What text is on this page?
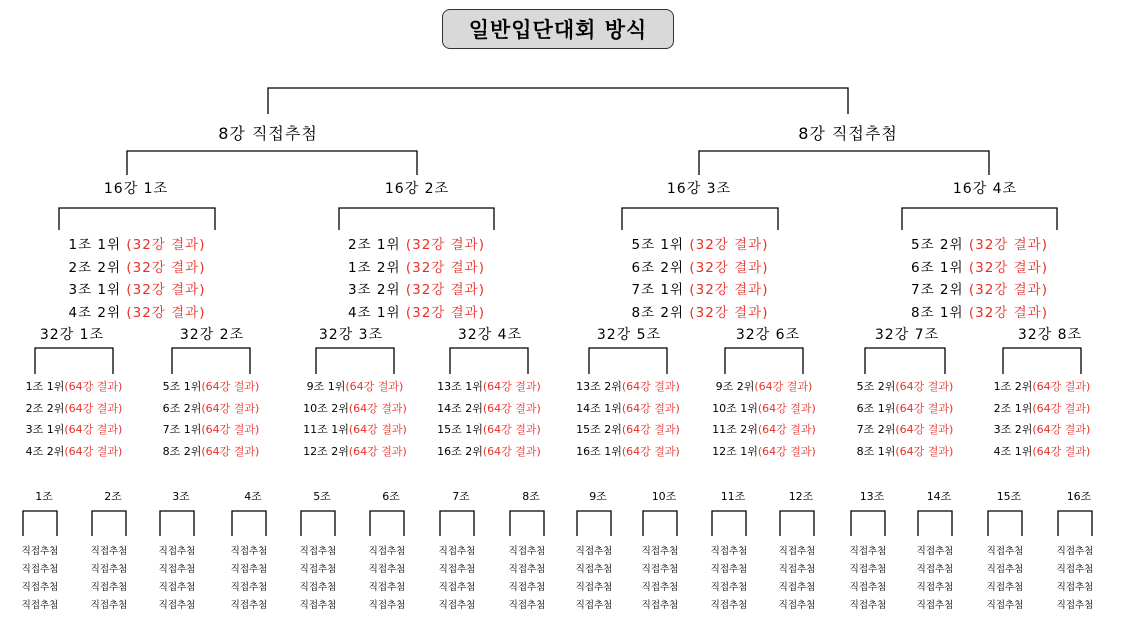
일반입단대회 방식
8강 직접추첨	8강 직접추첨
16강 1조
1조 1위 (32강 결과)
2조 2위 (32강 결과)
3조 1위 (32강 결과)
4조 2위 (32강 결과)
16강 2조
2조 1위 (32강 결과)
1조 2위 (32강 결과)
3조 2위 (32강 결과)
4조 1위 (32강 결과)
16강 3조
5조 1위 (32강 결과)
6조 2위 (32강 결과)
7조 1위 (32강 결과)
8조 2위 (32강 결과)
16강 4조
5조 2위 (32강 결과)
6조 1위 (32강 결과)
7조 2위 (32강 결과)
8조 1위 (32강 결과)
32강 1조
1조 1위(64강 결과)
2조 2위(64강 결과)
3조 1위(64강 결과)
4조 2위(64강 결과)
32강 2조
5조 1위(64강 결과)
6조 2위(64강 결과)
7조 1위(64강 결과)
8조 2위(64강 결과)
32강 3조
9조 1위(64강 결과)
10조 2위(64강 결과)
11조 1위(64강 결과)
12조 2위(64강 결과)
32강 4조
13조 1위(64강 결과)
14조 2위(64강 결과)
15조 1위(64강 결과)
16조 2위(64강 결과)
32강 5조
13조 2위(64강 결과)
14조 1위(64강 결과)
15조 2위(64강 결과)
16조 1위(64강 결과)
32강 6조
9조 2위(64강 결과)
10조 1위(64강 결과)
11조 2위(64강 결과)
12조 1위(64강 결과)
32강 7조
5조 2위(64강 결과)
6조 1위(64강 결과)
7조 2위(64강 결과)
8조 1위(64강 결과)
32강 8조
1조 2위(64강 결과)
2조 1위(64강 결과)
3조 2위(64강 결과)
4조 1위(64강 결과)
1조
직접추첨
직접추첨
직접추첨
직접추첨
2조
직접추첨
직접추첨
직접추첨
직접추첨
3조
직접추첨
직접추첨
직접추첨
직접추첨
4조
직접추첨
직접추첨
직접추첨
직접추첨
5조
직접추첨
직접추첨
직접추첨
직접추첨
6조
직접추첨
직접추첨
직접추첨
직접추첨
7조
직접추첨
직접추첨
직접추첨
직접추첨
8조
직접추첨
직접추첨
직접추첨
직접추첨
9조
직접추첨
직접추첨
직접추첨
직접추첨
10조
직접추첨
직접추첨
직접추첨
직접추첨
11조
직접추첨
직접추첨
직접추첨
직접추첨
12조
직접추첨
직접추첨
직접추첨
직접추첨
13조
직접추첨
직접추첨
직접추첨
직접추첨
14조
직접추첨
직접추첨
직접추첨
직접추첨
15조
직접추첨
직접추첨
직접추첨
직접추첨
16조
직접추첨
직접추첨
직접추첨
직접추첨
